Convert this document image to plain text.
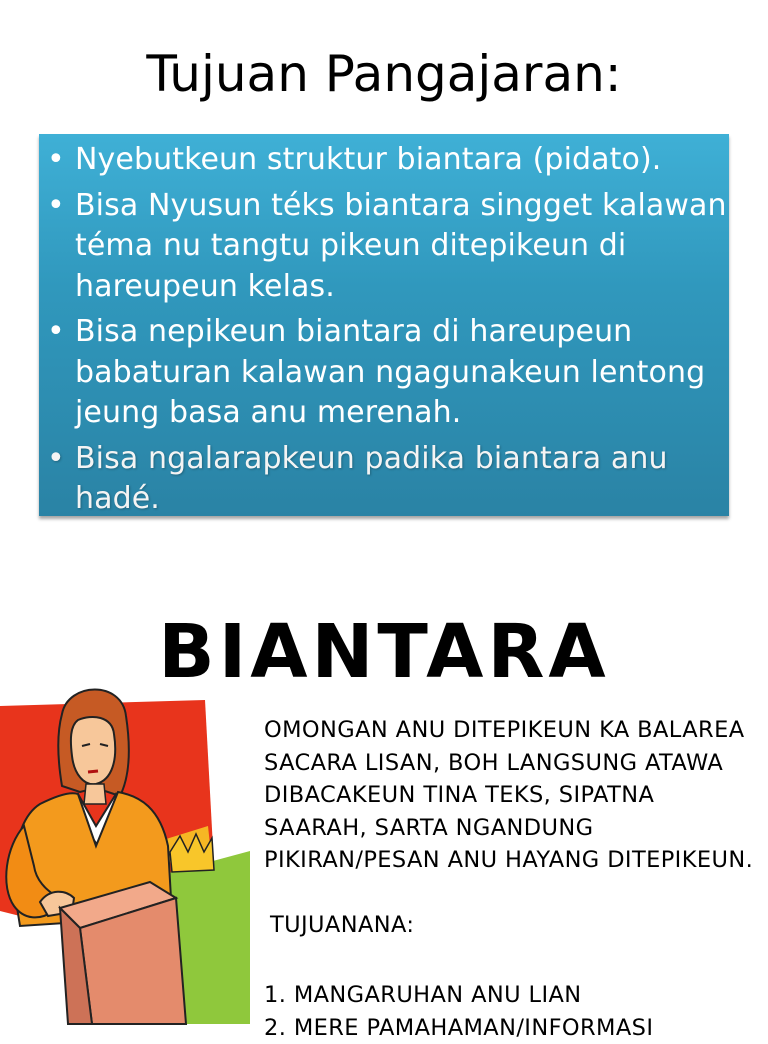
Tujuan Pangajaran:
• Nyebutkeun struktur biantara (pidato).
• Bisa Nyusun téks biantara singget kalawan téma nu tangtu pikeun ditepikeun di hareupeun kelas.
• Bisa nepikeun biantara di hareupeun babaturan kalawan ngagunakeun lentong jeung basa anu merenah.
• Bisa ngalarapkeun padika biantara anu hadé.
BIANTARA
OMONGAN ANU DITEPIKEUN KA BALAREA SACARA LISAN, BOH LANGSUNG ATAWA DIBACAKEUN TINA TEKS, SIPATNA SAARAH, SARTA NGANDUNG PIKIRAN/PESAN ANU HAYANG DITEPIKEUN.
TUJUANANA:
1. MANGARUHAN ANU LIAN
2. MERE PAMAHAMAN/INFORMASI
